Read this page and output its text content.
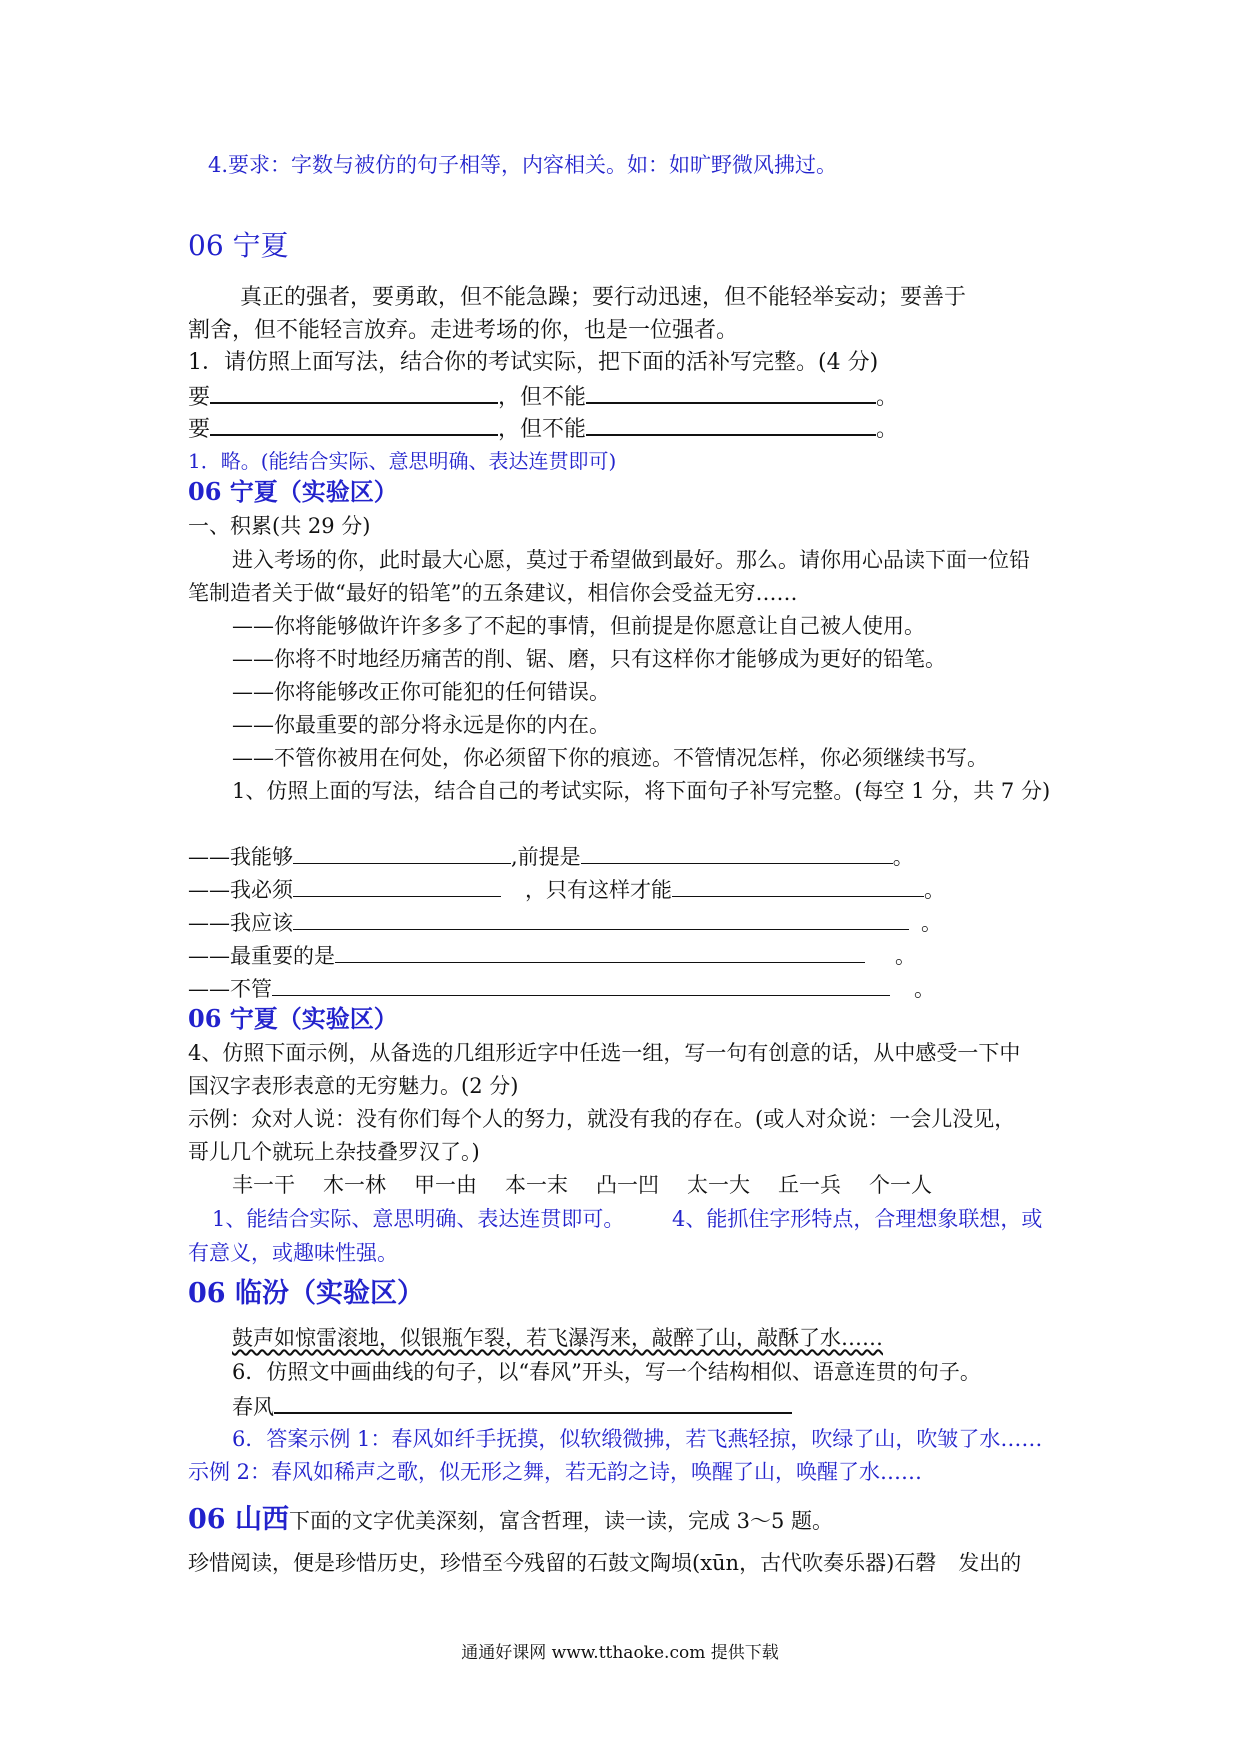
4.要求：字数与被仿的句子相等，内容相关。如：如旷野微风拂过。
06 宁夏
真正的强者，要勇敢，但不能急躁；要行动迅速，但不能轻举妄动；要善于
割舍，但不能轻言放弃。走进考场的你，也是一位强者。
1．请仿照上面写法，结合你的考试实际，把下面的活补写完整。(4 分)
要	，但不能	。
要	，但不能	。
1．略。(能结合实际、意思明确、表达连贯即可)
06 宁夏（实验区）
一、积累(共 29 分)
进入考场的你，此时最大心愿，莫过于希望做到最好。那么。请你用心品读下面一位铅
笔制造者关于做“最好的铅笔”的五条建议，相信你会受益无穷……
——你将能够做许许多多了不起的事情，但前提是你愿意让自己被人使用。
——你将不时地经历痛苦的削、锯、磨，只有这样你才能够成为更好的铅笔。
——你将能够改正你可能犯的任何错误。
——你最重要的部分将永远是你的内在。
——不管你被用在何处，你必须留下你的痕迹。不管情况怎样，你必须继续书写。
1、仿照上面的写法，结合自己的考试实际，将下面句子补写完整。(每空 1 分，共 7 分)
——我能够	,前提是	。
——我必须	，只有这样才能	。
——我应该	。
——最重要的是	。
——不管	。
06 宁夏（实验区）
4、仿照下面示例，从备选的几组形近字中任选一组，写一句有创意的话，从中感受一下中
国汉字表形表意的无穷魅力。(2 分)
示例：众对人说：没有你们每个人的努力，就没有我的存在。(或人对众说：一会儿没见，
哥儿几个就玩上杂技叠罗汉了。)
丰一干 木一林 甲一由 本一末 凸一凹 太一大 丘一兵 个一人
1、能结合实际、意思明确、表达连贯即可。 4、能抓住字形特点，合理想象联想，或
有意义，或趣味性强。
06 临汾（实验区）
鼓声如惊雷滚地，似银瓶乍裂，若飞瀑泻来，敲醉了山，敲酥了水……
6．仿照文中画曲线的句子，以“春风”开头，写一个结构相似、语意连贯的句子。
春风
6．答案示例 1：春风如纤手抚摸，似软缎微拂，若飞燕轻掠，吹绿了山，吹皱了水……
示例 2：春风如稀声之歌，似无形之舞，若无韵之诗，唤醒了山，唤醒了水……
06 山西下面的文字优美深刻，富含哲理，读一读，完成 3～5 题。
珍惜阅读，便是珍惜历史，珍惜至今残留的石鼓文陶埙(xūn，古代吹奏乐器)石磬 发出的
通通好课网 www.tthaoke.com 提供下载
